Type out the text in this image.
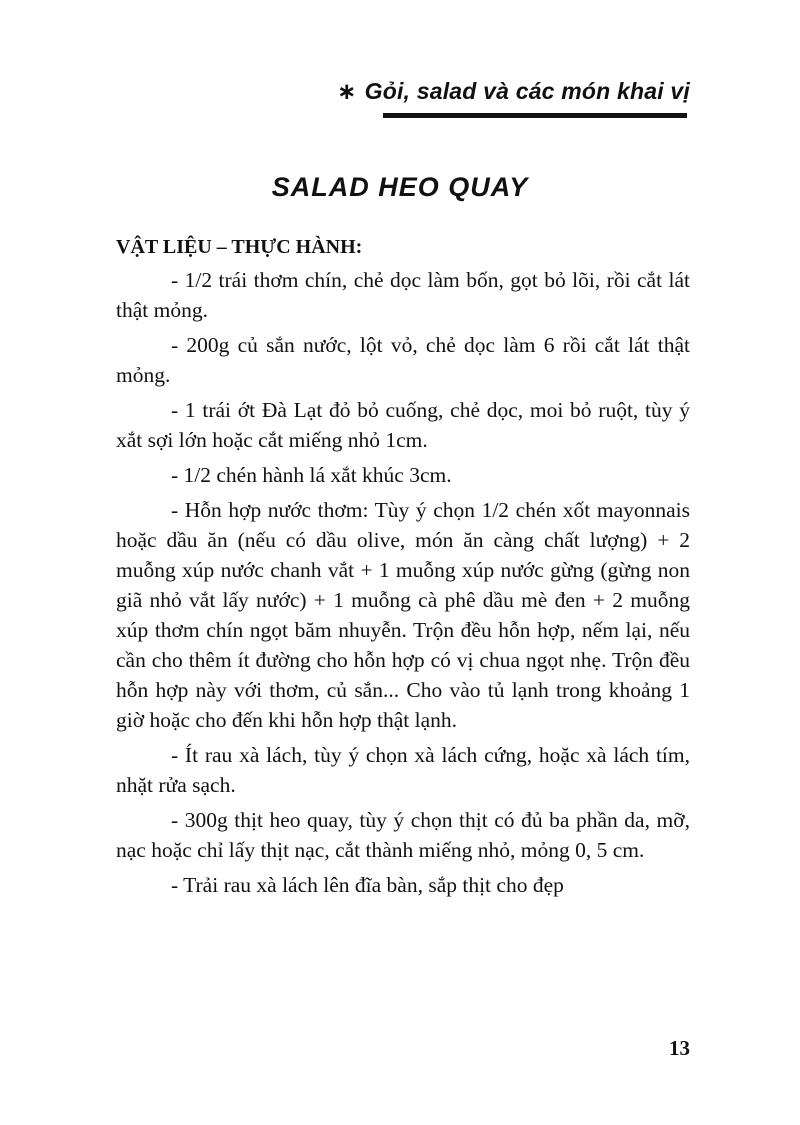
∗ Gỏi, salad và các món khai vị
SALAD HEO QUAY
VẬT LIỆU – THỰC HÀNH:

- 1/2 trái thơm chín, chẻ dọc làm bốn, gọt bỏ lõi, rồi cắt lát thật mỏng.

- 200g củ sắn nước, lột vỏ, chẻ dọc làm 6 rồi cắt lát thật mỏng.

- 1 trái ớt Đà Lạt đỏ bỏ cuống, chẻ dọc, moi bỏ ruột, tùy ý xắt sợi lớn hoặc cắt miếng nhỏ 1cm.

- 1/2 chén hành lá xắt khúc 3cm.

- Hỗn hợp nước thơm: Tùy ý chọn 1/2 chén xốt mayonnais hoặc dầu ăn (nếu có dầu olive, món ăn càng chất lượng) + 2 muỗng xúp nước chanh vắt + 1 muỗng xúp nước gừng (gừng non giã nhỏ vắt lấy nước) + 1 muỗng cà phê dầu mè đen + 2 muỗng xúp thơm chín ngọt băm nhuyễn. Trộn đều hỗn hợp, nếm lại, nếu cần cho thêm ít đường cho hỗn hợp có vị chua ngọt nhẹ. Trộn đều hỗn hợp này với thơm, củ sắn... Cho vào tủ lạnh trong khoảng 1 giờ hoặc cho đến khi hỗn hợp thật lạnh.

- Ít rau xà lách, tùy ý chọn xà lách cứng, hoặc xà lách tím, nhặt rửa sạch.

- 300g thịt heo quay, tùy ý chọn thịt có đủ ba phần da, mỡ, nạc hoặc chỉ lấy thịt nạc, cắt thành miếng nhỏ, mỏng 0, 5 cm.

- Trải rau xà lách lên đĩa bàn, sắp thịt cho đẹp

13
